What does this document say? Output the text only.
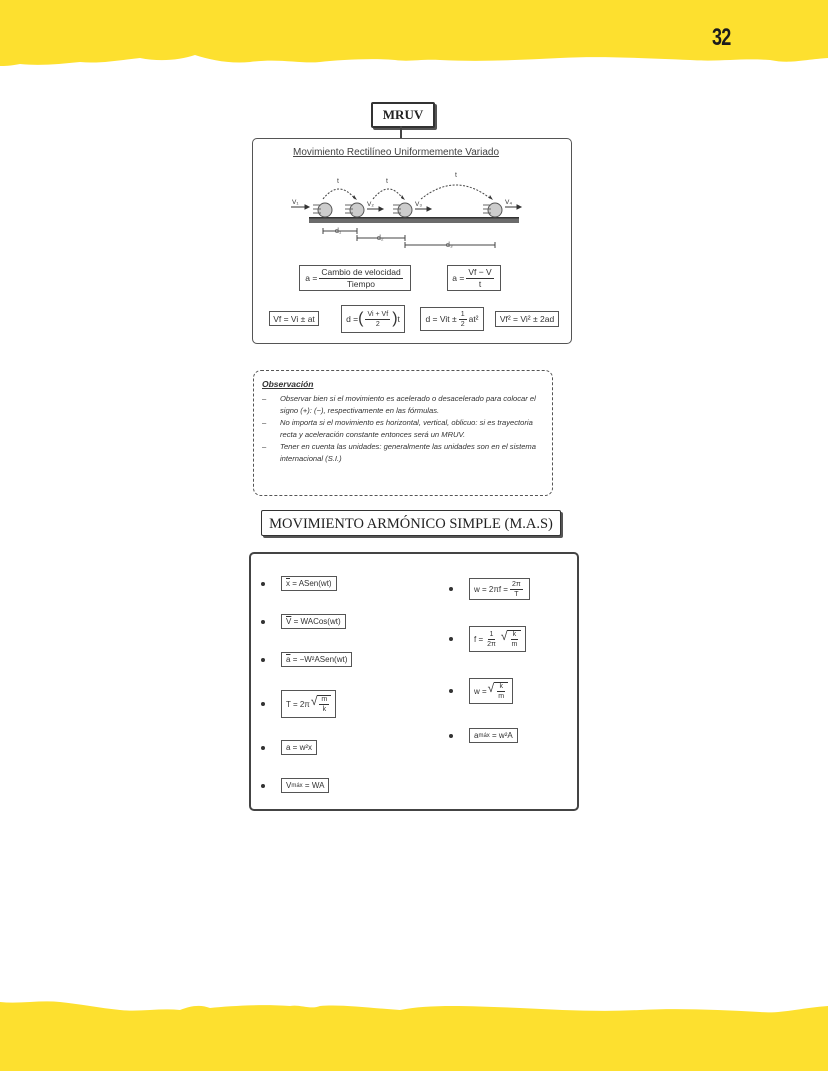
32
MRUV
Movimiento Rectilíneo Uniformemente Variado
t	t
t
V₁	V₂	V₃	V₄
d₁
d₂
d₃
$a = \frac{\text{Cambio de velocidad}}{\text{Tiempo}}$	$a = \frac{Vf - V}{t}$
Vf = Vi ± at	d = ( $\frac{Vi + Vf}{2}$ ) t	d = Vit ± $\frac{1}{2} at^2$	Vf² = Vi² ± 2ad
Observación
– Observar bien si el movimiento es acelerado o desacelerado para colocar el signo (+): (−), respectivamente en las fórmulas.
– No importa si el movimiento es horizontal, vertical, oblicuo: si es trayectoria recta y aceleración constante entonces será un MRUV.
– Tener en cuenta las unidades: generalmente las unidades son en el sistema internacional (S.I.)
MOVIMIENTO ARMÓNICO SIMPLE (M.A.S)
$\overline{x}$
= ASen(wt)
$\overline{V}$
= WACos(wt)
$\overline{a}$
= −W²ASen(wt)
T = 2π √ $\frac{m}{k}$
a = w²x
V máx
= WA
$w = 2\pi f = \frac{2\pi}{T}$
$f = \frac{1}{2\pi}$ √ $\frac{k}{m}$
w = √ $\frac{k}{m}$
a máx
= w²A
